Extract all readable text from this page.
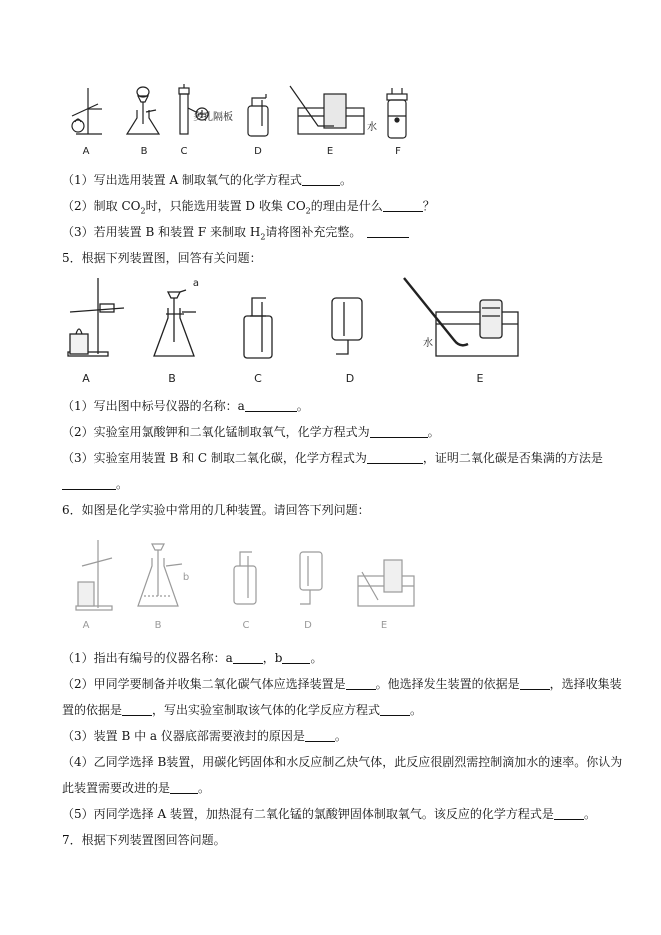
多孔隔板
水
A	B	C	D	E	F
（1）写出选用装置 A 制取氧气的化学方程式	。
（2）制取 $CO_2$时，只能选用装置 D 收集 $CO_2$的理由是什么	？
（3）若用装置 B 和装置 F 来制取 $H_2$请将图补充完整。
5．根据下列装置图，回答有关问题：
a
水
A	B	C	D	E
（1）写出图中标号仪器的名称：a	。
（2）实验室用氯酸钾和二氧化锰制取氧气，化学方程式为	。
（3）实验室用装置 B 和 C 制取二氧化碳，化学方程式为	，证明二氧化碳是否集满的方法是
。
6．如图是化学实验中常用的几种装置。请回答下列问题：
b
A	B	C	D	E
（1）指出有编号的仪器名称：a	，b 。
（2）甲同学要制备并收集二氧化碳气体应选择装置是	。他选择发生装置的依据是	，选择收集装
置的依据是	，写出实验室制取该气体的化学反应方程式	。
（3）装置 B 中 a 仪器底部需要液封的原因是	。
（4）乙同学选择 B装置，用碳化钙固体和水反应制乙炔气体，此反应很剧烈需控制滴加水的速率。你认为
此装置需要改进的是 。
（5）丙同学选择 A 装置，加热混有二氧化锰的氯酸钾固体制取氧气。该反应的化学方程式是	。
7．根据下列装置图回答问题。
